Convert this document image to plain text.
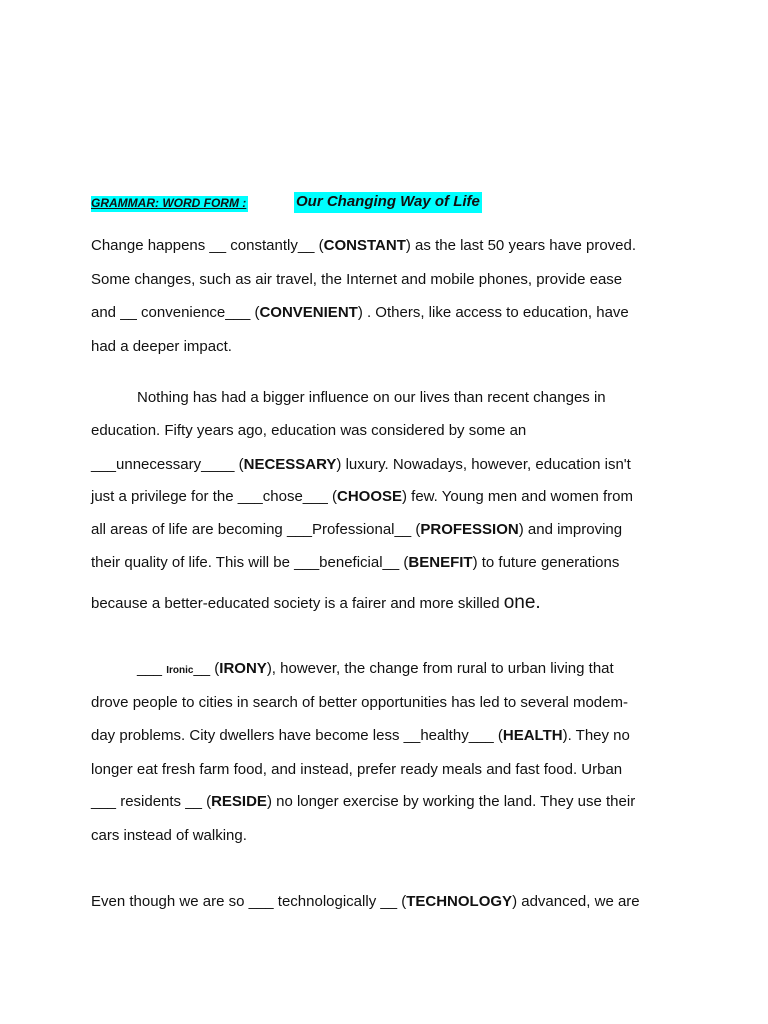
GRAMMAR: WORD FORM :	Our Changing Way of Life
Change happens __ constantly__ (CONSTANT) as the last 50 years have proved.
Some changes, such as air travel, the Internet and mobile phones, provide ease
and __ convenience___ (CONVENIENT) . Others, like access to education, have
had a deeper impact.
Nothing has had a bigger influence on our lives than recent changes in
education. Fifty years ago, education was considered by some an
___unnecessary____ (NECESSARY) luxury. Nowadays, however, education isn't
just a privilege for the ___chose___ (CHOOSE) few. Young men and women from
all areas of life are becoming ___Professional__ (PROFESSION) and improving
their quality of life. This will be ___beneficial__ (BENEFIT) to future generations
because a better-educated society is a fairer and more skilled one.
___ Ironic__ (IRONY), however, the change from rural to urban living that
drove people to cities in search of better opportunities has led to several modem-
day problems. City dwellers have become less __healthy___ (HEALTH). They no
longer eat fresh farm food, and instead, prefer ready meals and fast food. Urban
___ residents __ (RESIDE) no longer exercise by working the land. They use their
cars instead of walking.
Even though we are so ___ technologically __ (TECHNOLOGY) advanced, we are
